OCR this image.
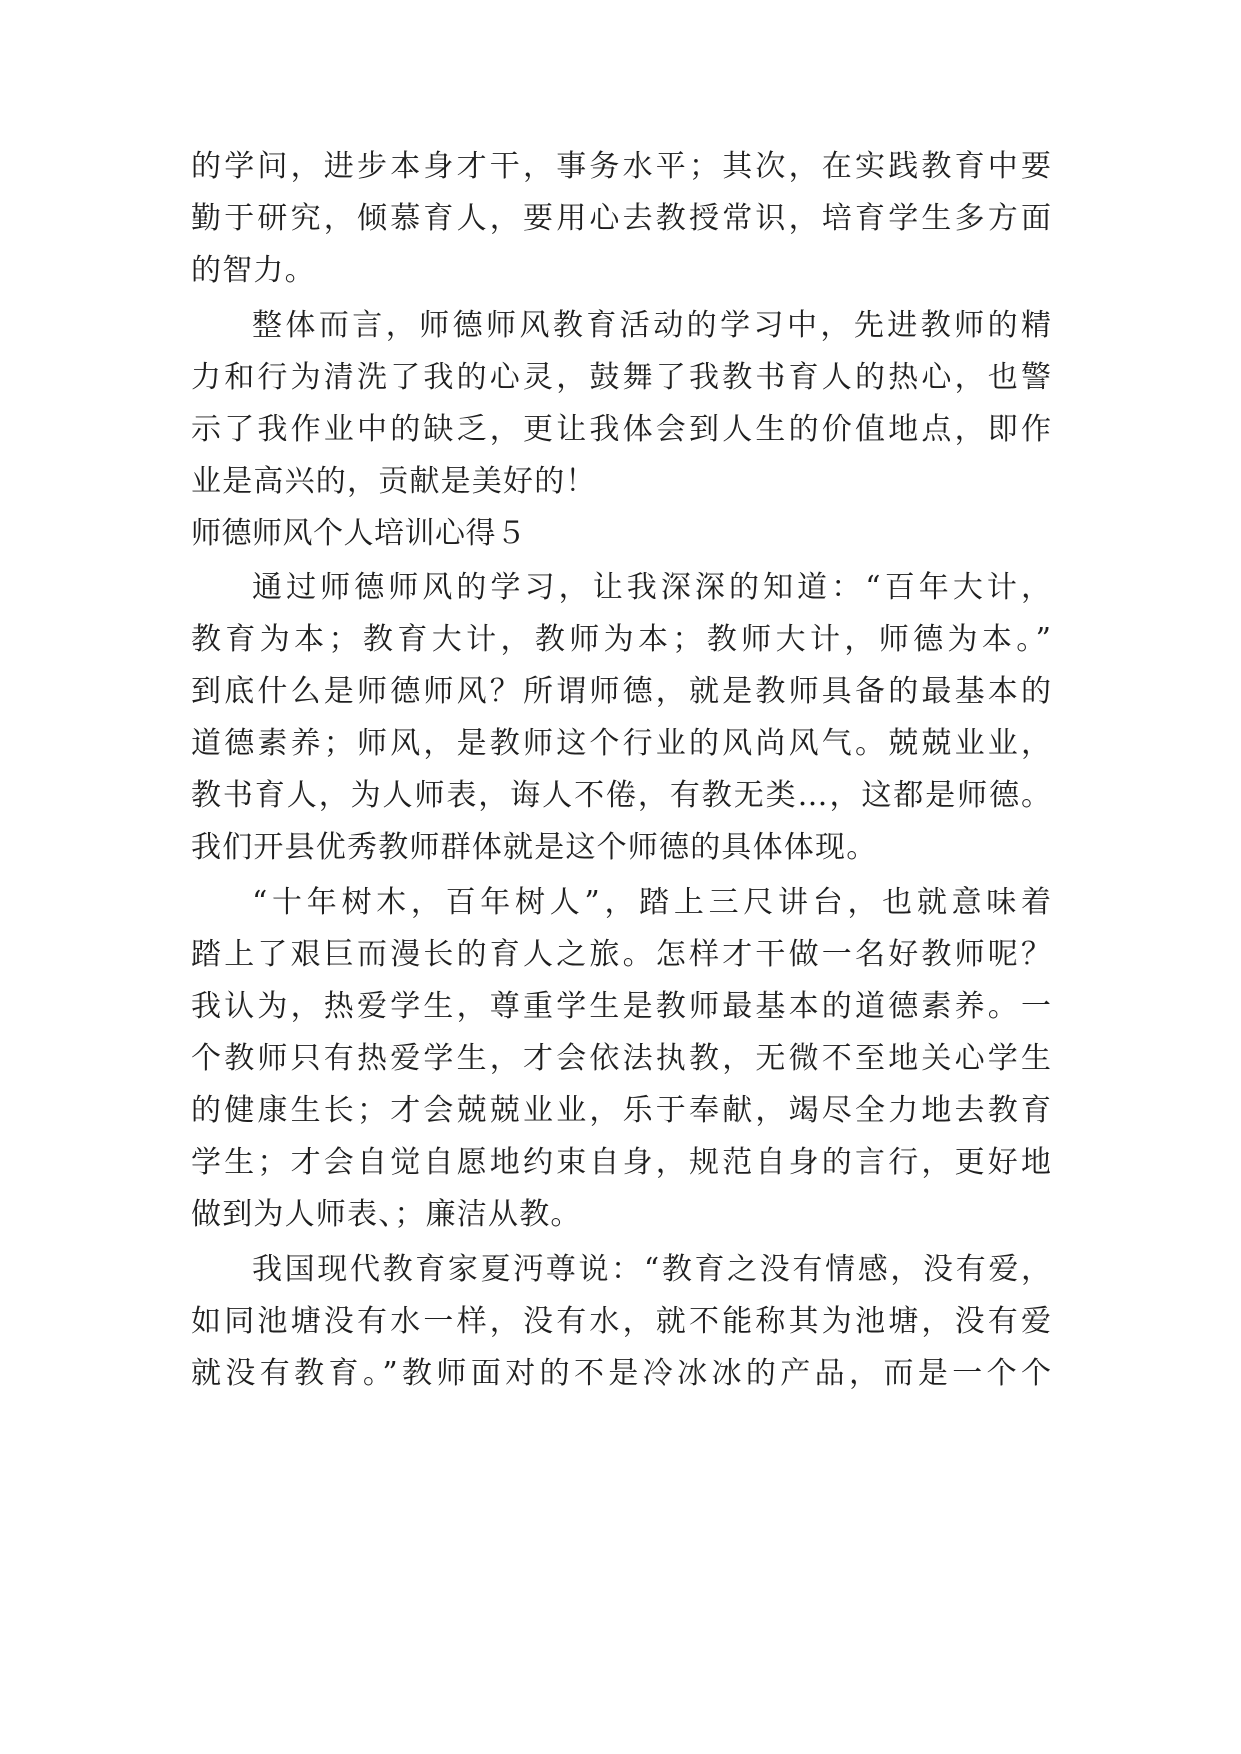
的学问，进步本身才干，事务水平；其次，在实践教育中要
勤于研究，倾慕育人，要用心去教授常识，培育学生多方面
的智力。
整体而言，师德师风教育活动的学习中，先进教师的精
力和行为清洗了我的心灵，鼓舞了我教书育人的热心，也警
示了我作业中的缺乏，更让我体会到人生的价值地点，即作
业是高兴的，贡献是美好的！
师德师风个人培训心得５
通过师德师风的学习，让我深深的知道：“百年大计，
教育为本；教育大计，教师为本；教师大计，师德为本。”
到底什么是师德师风？所谓师德，就是教师具备的最基本的
道德素养；师风，是教师这个行业的风尚风气。兢兢业业，
教书育人，为人师表，诲人不倦，有教无类…，这都是师德。
我们开县优秀教师群体就是这个师德的具体体现。
“十年树木，百年树人”，踏上三尺讲台，也就意味着
踏上了艰巨而漫长的育人之旅。怎样才干做一名好教师呢？
我认为，热爱学生，尊重学生是教师最基本的道德素养。一
个教师只有热爱学生，才会依法执教，无微不至地关心学生
的健康生长；才会兢兢业业，乐于奉献，竭尽全力地去教育
学生；才会自觉自愿地约束自身，规范自身的言行，更好地
做到为人师表、；廉洁从教。
我国现代教育家夏沔尊说：“教育之没有情感，没有爱，
如同池塘没有水一样，没有水，就不能称其为池塘，没有爱
就没有教育。”教师面对的不是冷冰冰的产品，而是一个个
